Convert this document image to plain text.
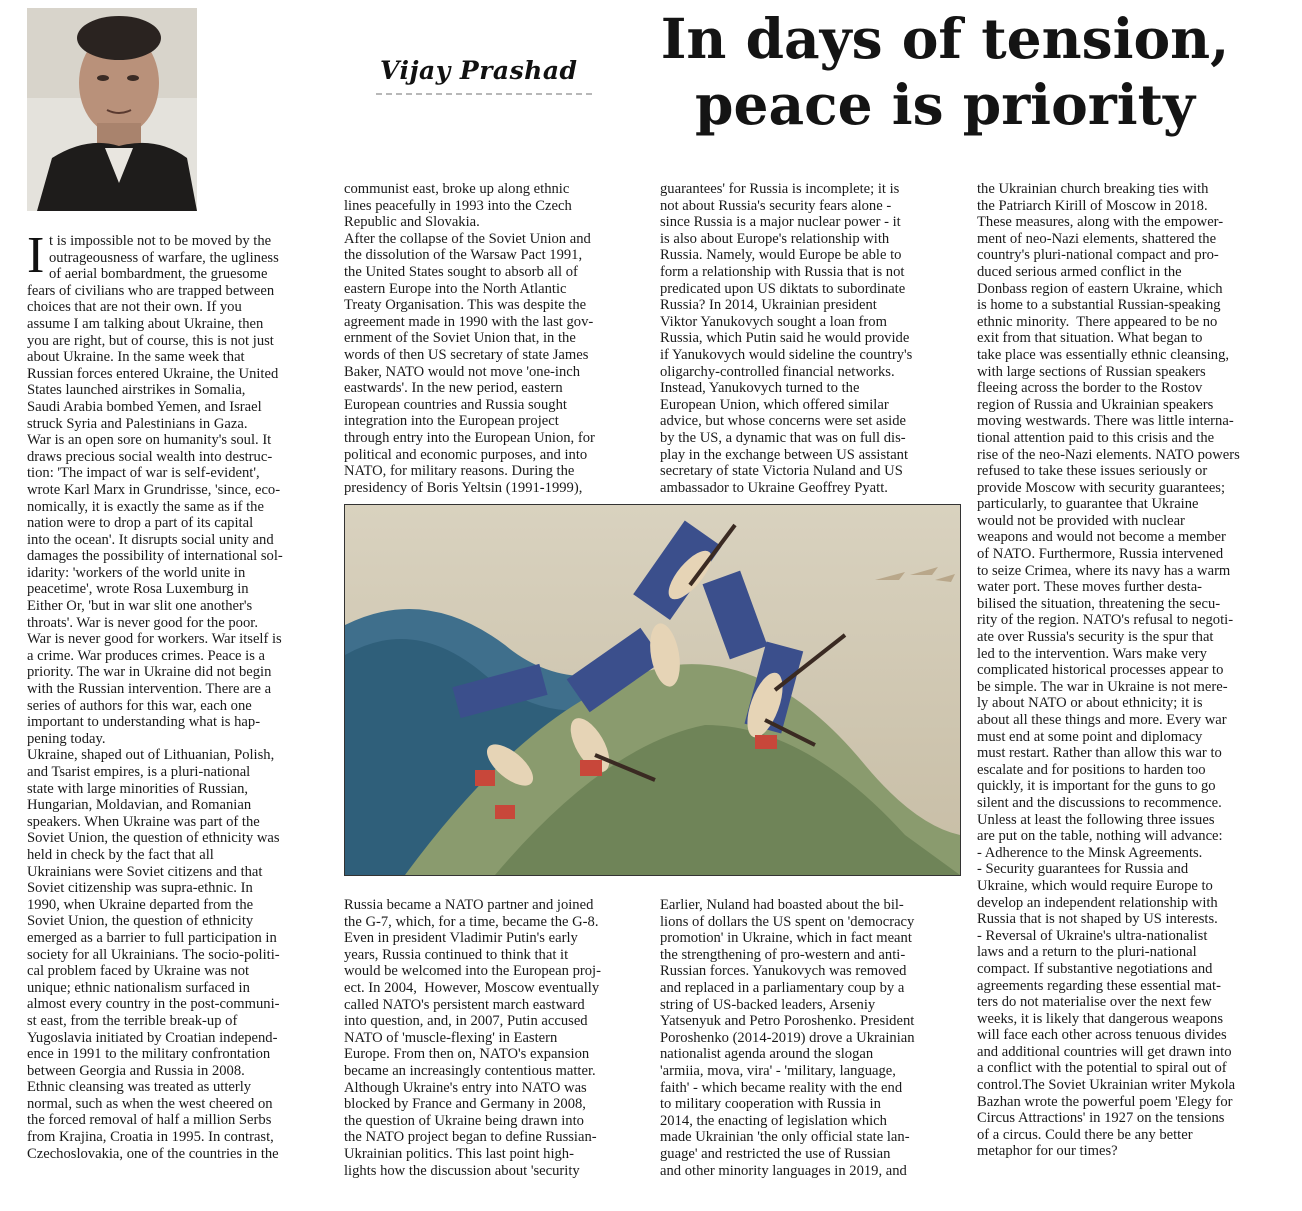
Vijay Prashad	In days of tension,
peace is priority
I t is impossible not to be moved by the
outrageousness of warfare, the ugliness
of aerial bombardment, the gruesome
fears of civilians who are trapped between
choices that are not their own. If you
assume I am talking about Ukraine, then
you are right, but of course, this is not just
about Ukraine. In the same week that
Russian forces entered Ukraine, the United
States launched airstrikes in Somalia,
Saudi Arabia bombed Yemen, and Israel
struck Syria and Palestinians in Gaza.
War is an open sore on humanity's soul. It
draws precious social wealth into destruc-
tion: 'The impact of war is self-evident',
wrote Karl Marx in Grundrisse, 'since, eco-
nomically, it is exactly the same as if the
nation were to drop a part of its capital
into the ocean'. It disrupts social unity and
damages the possibility of international sol-
idarity: 'workers of the world unite in
peacetime', wrote Rosa Luxemburg in
Either Or, 'but in war slit one another's
throats'. War is never good for the poor.
War is never good for workers. War itself is
a crime. War produces crimes. Peace is a
priority. The war in Ukraine did not begin
with the Russian intervention. There are a
series of authors for this war, each one
important to understanding what is hap-
pening today.
Ukraine, shaped out of Lithuanian, Polish,
and Tsarist empires, is a pluri-national
state with large minorities of Russian,
Hungarian, Moldavian, and Romanian
speakers. When Ukraine was part of the
Soviet Union, the question of ethnicity was
held in check by the fact that all
Ukrainians were Soviet citizens and that
Soviet citizenship was supra-ethnic. In
1990, when Ukraine departed from the
Soviet Union, the question of ethnicity
emerged as a barrier to full participation in
society for all Ukrainians. The socio-politi-
cal problem faced by Ukraine was not
unique; ethnic nationalism surfaced in
almost every country in the post-communi-
st east, from the terrible break-up of
Yugoslavia initiated by Croatian independ-
ence in 1991 to the military confrontation
between Georgia and Russia in 2008.
Ethnic cleansing was treated as utterly
normal, such as when the west cheered on
the forced removal of half a million Serbs
from Krajina, Croatia in 1995. In contrast,
Czechoslovakia, one of the countries in the
communist east, broke up along ethnic
lines peacefully in 1993 into the Czech
Republic and Slovakia.
After the collapse of the Soviet Union and
the dissolution of the Warsaw Pact 1991,
the United States sought to absorb all of
eastern Europe into the North Atlantic
Treaty Organisation. This was despite the
agreement made in 1990 with the last gov-
ernment of the Soviet Union that, in the
words of then US secretary of state James
Baker, NATO would not move 'one-inch
eastwards'. In the new period, eastern
European countries and Russia sought
integration into the European project
through entry into the European Union, for
political and economic purposes, and into
NATO, for military reasons. During the
presidency of Boris Yeltsin (1991-1999),
guarantees' for Russia is incomplete; it is
not about Russia's security fears alone -
since Russia is a major nuclear power - it
is also about Europe's relationship with
Russia. Namely, would Europe be able to
form a relationship with Russia that is not
predicated upon US diktats to subordinate
Russia? In 2014, Ukrainian president
Viktor Yanukovych sought a loan from
Russia, which Putin said he would provide
if Yanukovych would sideline the country's
oligarchy-controlled financial networks.
Instead, Yanukovych turned to the
European Union, which offered similar
advice, but whose concerns were set aside
by the US, a dynamic that was on full dis-
play in the exchange between US assistant
secretary of state Victoria Nuland and US
ambassador to Ukraine Geoffrey Pyatt.
the Ukrainian church breaking ties with
the Patriarch Kirill of Moscow in 2018.
These measures, along with the empower-
ment of neo-Nazi elements, shattered the
country's pluri-national compact and pro-
duced serious armed conflict in the
Donbass region of eastern Ukraine, which
is home to a substantial Russian-speaking
ethnic minority.  There appeared to be no
exit from that situation. What began to
take place was essentially ethnic cleansing,
with large sections of Russian speakers
fleeing across the border to the Rostov
region of Russia and Ukrainian speakers
moving westwards. There was little interna-
tional attention paid to this crisis and the
rise of the neo-Nazi elements. NATO powers
refused to take these issues seriously or
provide Moscow with security guarantees;
particularly, to guarantee that Ukraine
would not be provided with nuclear
weapons and would not become a member
of NATO. Furthermore, Russia intervened
to seize Crimea, where its navy has a warm
water port. These moves further desta-
bilised the situation, threatening the secu-
rity of the region. NATO's refusal to negoti-
ate over Russia's security is the spur that
led to the intervention. Wars make very
complicated historical processes appear to
be simple. The war in Ukraine is not mere-
ly about NATO or about ethnicity; it is
about all these things and more. Every war
must end at some point and diplomacy
must restart. Rather than allow this war to
escalate and for positions to harden too
quickly, it is important for the guns to go
silent and the discussions to recommence.
Unless at least the following three issues
are put on the table, nothing will advance:
- Adherence to the Minsk Agreements.
- Security guarantees for Russia and
Ukraine, which would require Europe to
develop an independent relationship with
Russia that is not shaped by US interests.
- Reversal of Ukraine's ultra-nationalist
laws and a return to the pluri-national
compact. If substantive negotiations and
agreements regarding these essential mat-
ters do not materialise over the next few
weeks, it is likely that dangerous weapons
will face each other across tenuous divides
and additional countries will get drawn into
a conflict with the potential to spiral out of
control.The Soviet Ukrainian writer Mykola
Bazhan wrote the powerful poem 'Elegy for
Circus Attractions' in 1927 on the tensions
of a circus. Could there be any better
metaphor for our times?
Russia became a NATO partner and joined
the G-7, which, for a time, became the G-8.
Even in president Vladimir Putin's early
years, Russia continued to think that it
would be welcomed into the European proj-
ect. In 2004,  However, Moscow eventually
called NATO's persistent march eastward
into question, and, in 2007, Putin accused
NATO of 'muscle-flexing' in Eastern
Europe. From then on, NATO's expansion
became an increasingly contentious matter.
Although Ukraine's entry into NATO was
blocked by France and Germany in 2008,
the question of Ukraine being drawn into
the NATO project began to define Russian-
Ukrainian politics. This last point high-
lights how the discussion about 'security
Earlier, Nuland had boasted about the bil-
lions of dollars the US spent on 'democracy
promotion' in Ukraine, which in fact meant
the strengthening of pro-western and anti-
Russian forces. Yanukovych was removed
and replaced in a parliamentary coup by a
string of US-backed leaders, Arseniy
Yatsenyuk and Petro Poroshenko. President
Poroshenko (2014-2019) drove a Ukrainian
nationalist agenda around the slogan
'armiia, mova, vira' - 'military, language,
faith' - which became reality with the end
to military cooperation with Russia in
2014, the enacting of legislation which
made Ukrainian 'the only official state lan-
guage' and restricted the use of Russian
and other minority languages in 2019, and
